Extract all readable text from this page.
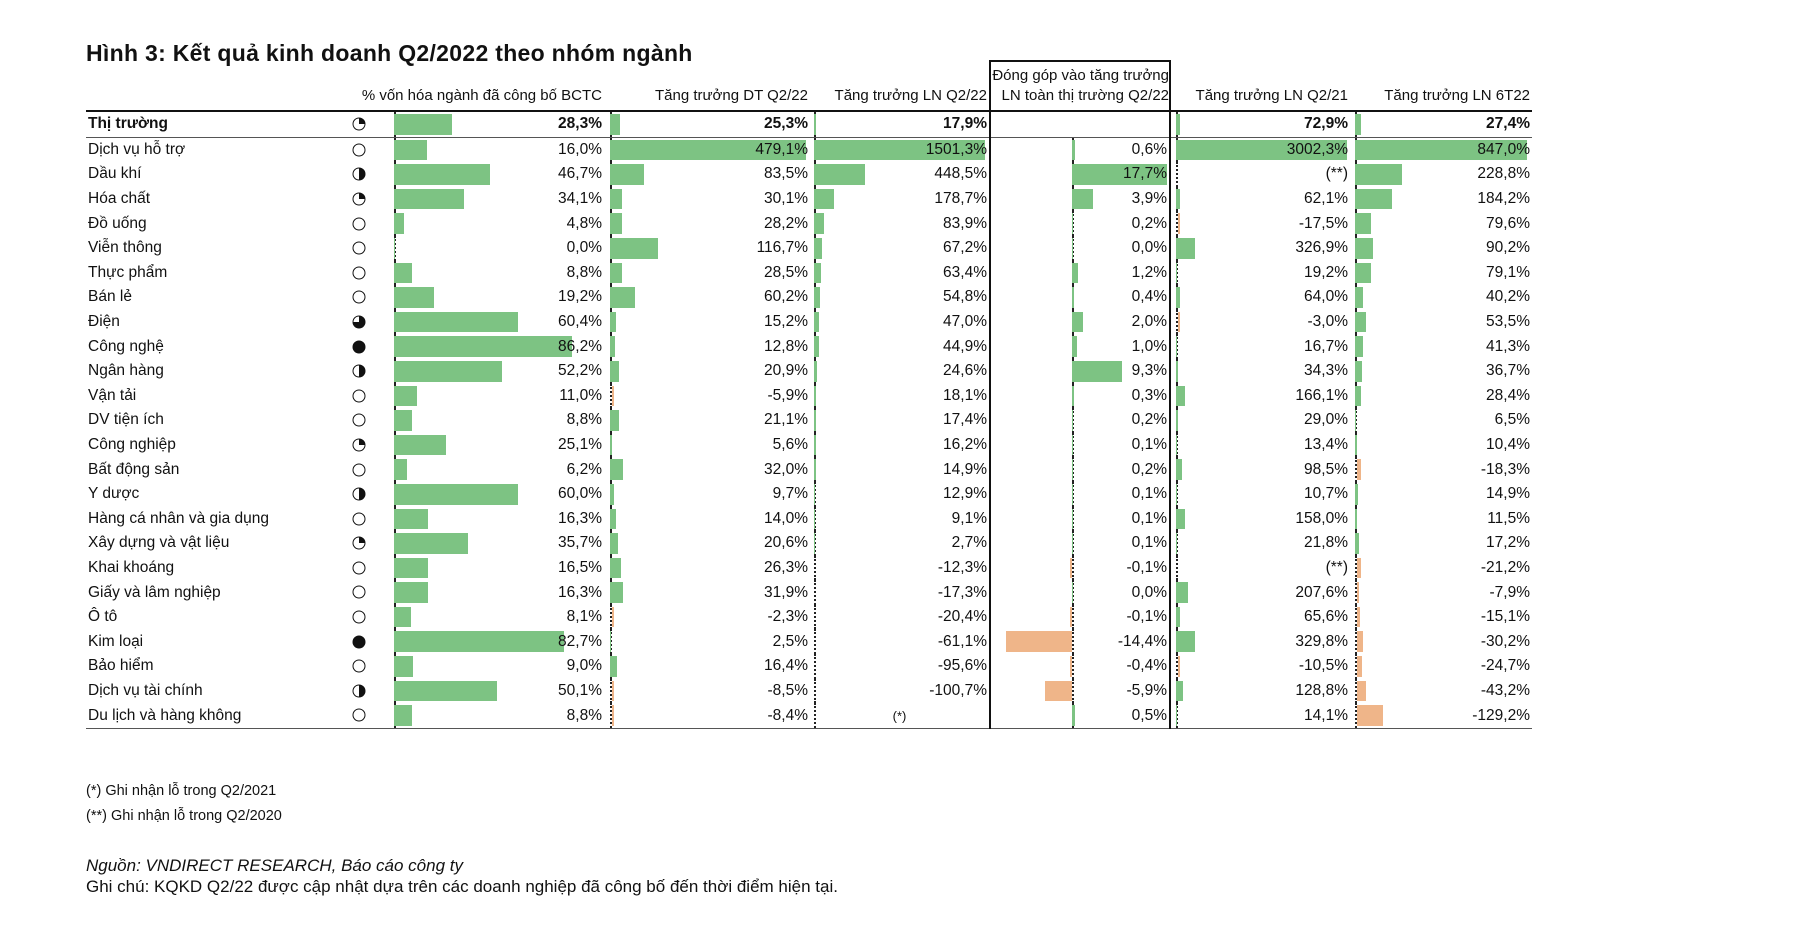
Hình 3: Kết quả kinh doanh Q2/2022 theo nhóm ngành
	% vốn hóa ngành đã công bố BCTC		Tăng trưởng DT Q2/22	Tăng trưởng LN Q2/22	Đóng góp vào tăng trưởng LN toàn thị trường Q2/22	Tăng trưởng LN Q2/21	Tăng trưởng LN 6T22
Thị trường		28,3%	25,3%	17,9%		72,9%	27,4%

Dịch vụ hỗ trợ		16,0%	479,1%	1501,3%	0,6%	3002,3%	847,0%

Dầu khí		46,7%	83,5%	448,5%	17,7%	(**)	228,8%

Hóa chất		34,1%	30,1%	178,7%	3,9%	62,1%	184,2%

Đồ uống		4,8%	28,2%	83,9%	0,2%	-17,5%	79,6%

Viễn thông		0,0%	116,7%	67,2%	0,0%	326,9%	90,2%

Thực phẩm		8,8%	28,5%	63,4%	1,2%	19,2%	79,1%

Bán lẻ		19,2%	60,2%	54,8%	0,4%	64,0%	40,2%

Điện		60,4%	15,2%	47,0%	2,0%	-3,0%	53,5%

Công nghệ		86,2%	12,8%	44,9%	1,0%	16,7%	41,3%

Ngân hàng		52,2%	20,9%	24,6%	9,3%	34,3%	36,7%

Vận tải		11,0%	-5,9%	18,1%	0,3%	166,1%	28,4%

DV tiện ích		8,8%	21,1%	17,4%	0,2%	29,0%	6,5%

Công nghiệp		25,1%	5,6%	16,2%	0,1%	13,4%	10,4%

Bất động sản		6,2%	32,0%	14,9%	0,2%	98,5%	-18,3%

Y dược		60,0%	9,7%	12,9%	0,1%	10,7%	14,9%

Hàng cá nhân và gia dụng		16,3%	14,0%	9,1%	0,1%	158,0%	11,5%

Xây dựng và vật liệu		35,7%	20,6%	2,7%	0,1%	21,8%	17,2%

Khai khoáng		16,5%	26,3%	-12,3%	-0,1%	(**)	-21,2%

Giấy và lâm nghiệp		16,3%	31,9%	-17,3%	0,0%	207,6%	-7,9%

Ô tô		8,1%	-2,3%	-20,4%	-0,1%	65,6%	-15,1%

Kim loại		82,7%	2,5%	-61,1%	-14,4%	329,8%	-30,2%

Bảo hiểm		9,0%	16,4%	-95,6%	-0,4%	-10,5%	-24,7%

Dịch vụ tài chính		50,1%	-8,5%	-100,7%	-5,9%	128,8%	-43,2%

Du lịch và hàng không		8,8%	-8,4%	(*)	0,5%	14,1%	-129,2%
(*) Ghi nhận lỗ trong Q2/2021
(**) Ghi nhận lỗ trong Q2/2020
Nguồn: VNDIRECT RESEARCH, Báo cáo công ty
Ghi chú: KQKD Q2/22 được cập nhật dựa trên các doanh nghiệp đã công bố đến thời điểm hiện tại.
